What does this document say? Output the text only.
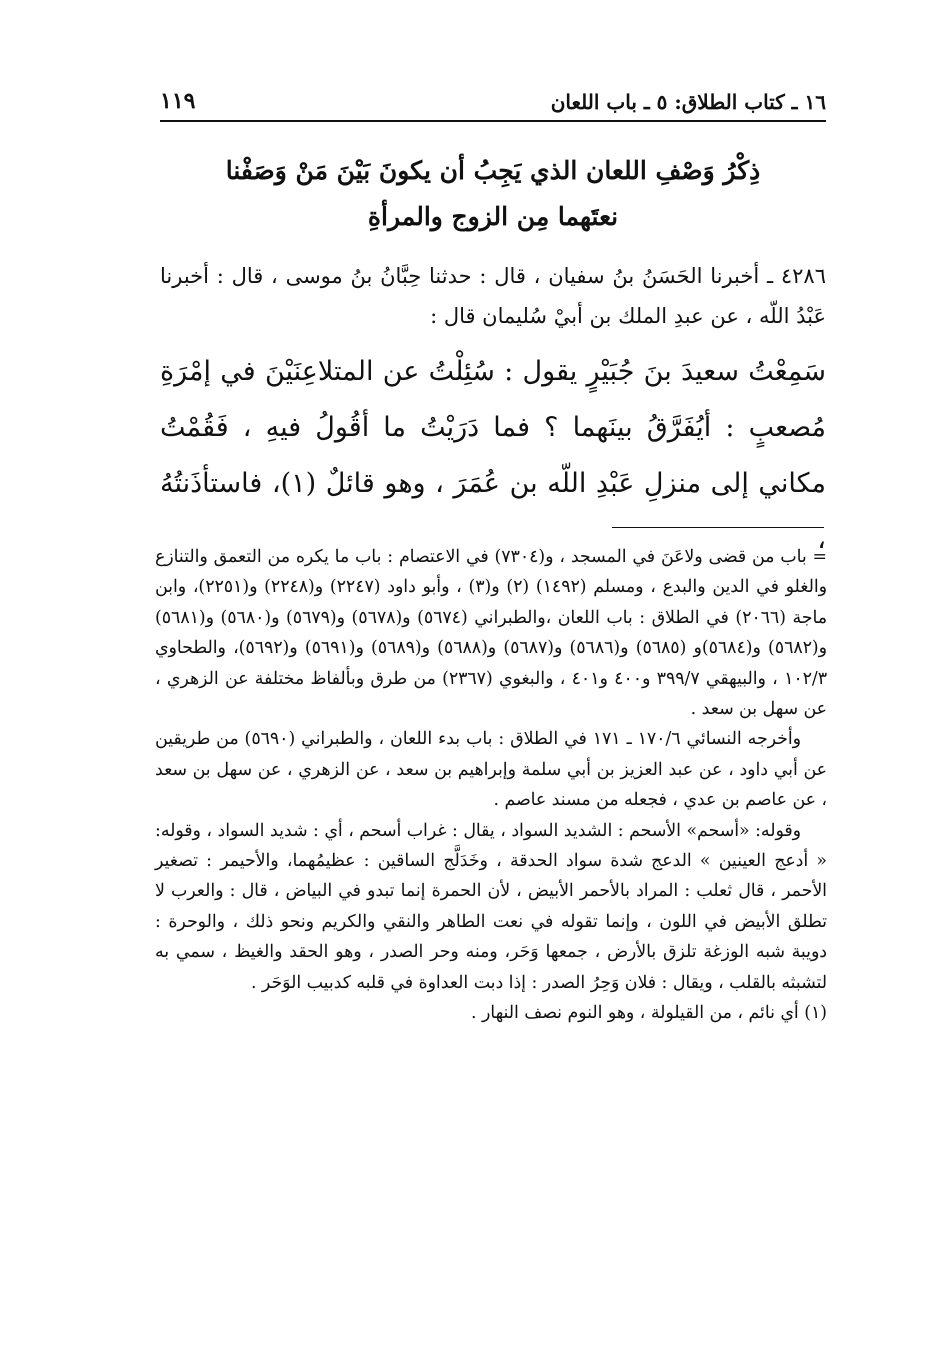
١١٩	١٦ ـ كتاب الطلاق: ٥ ـ باب اللعان
ذِكْرُ وَصْفِ اللعان الذي يَجِبُ أن يكونَ بَيْنَ مَنْ وَصَفْنا
نعتَهما مِن الزوج والمرأةِ
٤٢٨٦ ـ أخبرنا الحَسَنُ بنُ سفيان ، قال : حدثنا حِبَّانُ بنُ موسى ، قال : أخبرنا عَبْدُ اللّه ، عن عبدِ الملك بن أبيْ سُليمان قال :
سَمِعْتُ سعيدَ بنَ جُبَيْرٍ يقول : سُئِلْتُ عن المتلاعِنَيْنَ في إمْرَةِ مُصعبٍ : أيُفَرَّقُ بينَهما ؟ فما دَرَيْتُ ما أقُولُ فيهِ ، فَقُمْتُ مكاني إلى منزلِ عَبْدِ اللّه بن عُمَرَ ، وهو قائلٌ (١)، فاستأذَنتُهُ ،

= باب من قضى ولاعَنَ في المسجد ، و(٧٣٠٤) في الاعتصام : باب ما يكره من التعمق والتنازع والغلو في الدين والبدع ، ومسلم (١٤٩٢) (٢) و(٣) ، وأبو داود (٢٢٤٧) و(٢٢٤٨) و(٢٢٥١)، وابن ماجة (٢٠٦٦) في الطلاق : باب اللعان ،والطبراني (٥٦٧٤) و(٥٦٧٨) و(٥٦٧٩) و(٥٦٨٠) و(٥٦٨١) و(٥٦٨٢) و(٥٦٨٤)و (٥٦٨٥) و(٥٦٨٦) و(٥٦٨٧) و(٥٦٨٨) و(٥٦٨٩) و(٥٦٩١) و(٥٦٩٢)، والطحاوي ١٠٢/٣ ، والبيهقي ٣٩٩/٧ و٤٠٠ و٤٠١ ، والبغوي (٢٣٦٧) من طرق وبألفاظ مختلفة عن الزهري ، عن سهل بن سعد .

وأخرجه النسائي ١٧٠/٦ ـ ١٧١ في الطلاق : باب بدء اللعان ، والطبراني (٥٦٩٠) من طريقين عن أبي داود ، عن عبد العزيز بن أبي سلمة وإبراهيم بن سعد ، عن الزهري ، عن سهل بن سعد ، عن عاصم بن عدي ، فجعله من مسند عاصم .

وقوله: «أسحم» الأسحم : الشديد السواد ، يقال : غراب أسحم ، أي : شديد السواد ، وقوله: « أدعج العينين » الدعج شدة سواد الحدقة ، وخَدَلَّج الساقين : عظيمُهما، والأحيمر : تصغير الأحمر ، قال ثعلب : المراد بالأحمر الأبيض ، لأن الحمرة إنما تبدو في البياض ، قال : والعرب لا تطلق الأبيض في اللون ، وإنما تقوله في نعت الطاهر والنقي والكريم ونحو ذلك ، والوحرة : دويبة شبه الوزغة تلزق بالأرض ، جمعها وَحَر، ومنه وحر الصدر ، وهو الحقد والغيظ ، سمي به لتشبثه بالقلب ، ويقال : فلان وَحِرُ الصدر : إذا دبت العداوة في قلبه كدبيب الوَحَر .

(١) أي نائم ، من القيلولة ، وهو النوم نصف النهار .
